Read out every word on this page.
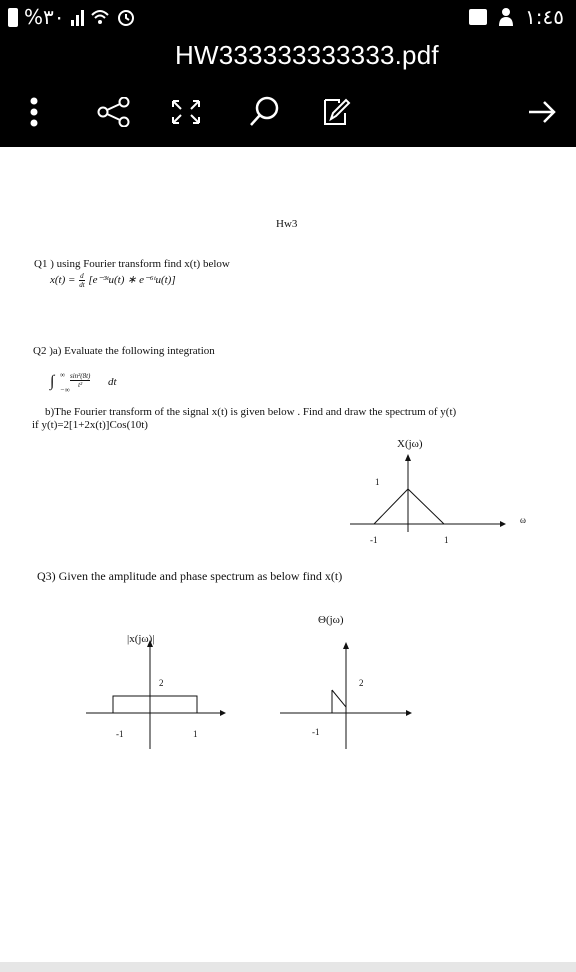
%٣٠	١:٤٥
HW333333333333.pdf
Hw3
Q1 ) using Fourier transform find x(t) below
$x(t) = \frac{d}{dt}$ [e⁻³ᵗu(t) ∗ e⁻⁶ᵗu(t)]
Q2 )a) Evaluate the following integration
∫ ∞
−∞
$\frac{\text{sin²(8t)}}{\text{t²}}$ dt
b)The Fourier transform of the signal x(t) is given below . Find and draw the spectrum of y(t)
if y(t)=2[1+2x(t)]Cos(10t)
X(jω)
1
-1	1
ω
Q3) Given the amplitude and phase spectrum as below find x(t)
|x(jω)|
2
-1	1
Θ(jω)
2
-1
